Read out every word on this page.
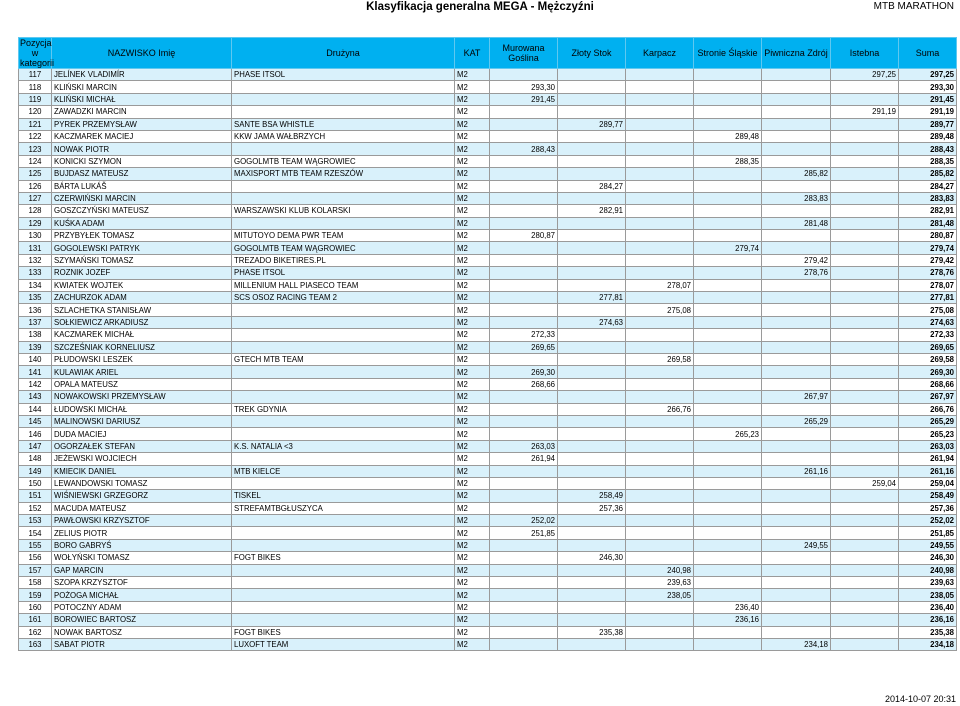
Klasyfikacja generalna MEGA - Mężczyźni	MTB MARATHON
Pozycja w kategorii	NAZWISKO Imię	Drużyna	KAT	Murowana Goślina	Złoty Stok	Karpacz	Stronie Śląskie	Piwniczna Zdrój	Istebna	Suma
117	JELÍNEK VLADIMÍR	PHASE ITSOL	M2						297,25	297,25
118	KLIŃSKI MARCIN		M2	293,30						293,30
119	KLIŃSKI MICHAŁ		M2	291,45						291,45
120	ZAWADZKI MARCIN		M2						291,19	291,19
121	PYREK PRZEMYSŁAW	SANTE BSA WHISTLE	M2		289,77					289,77
122	KACZMAREK MACIEJ	KKW JAMA WAŁBRZYCH	M2				289,48			289,48
123	NOWAK PIOTR		M2	288,43						288,43
124	KONICKI SZYMON	GOGOLMTB TEAM WĄGROWIEC	M2				288,35			288,35
125	BUJDASZ MATEUSZ	MAXISPORT MTB TEAM RZESZÓW	M2					285,82		285,82
126	BÁRTA LUKÁŠ		M2		284,27					284,27
127	CZERWIŃSKI MARCIN		M2					283,83		283,83
128	GOSZCZYŃSKI MATEUSZ	WARSZAWSKI KLUB KOLARSKI	M2		282,91					282,91
129	KUŚKA ADAM		M2					281,48		281,48
130	PRZYBYŁEK TOMASZ	MITUTOYO DEMA PWR TEAM	M2	280,87						280,87
131	GOGOLEWSKI PATRYK	GOGOLMTB TEAM WĄGROWIEC	M2				279,74			279,74
132	SZYMAŃSKI TOMASZ	TREZADO BIKETIRES.PL	M2					279,42		279,42
133	ROZNIK JOZEF	PHASE ITSOL	M2					278,76		278,76
134	KWIATEK WOJTEK	MILLENIUM HALL PIASECO TEAM	M2			278,07				278,07
135	ZACHURZOK ADAM	SCS OSOZ RACING TEAM 2	M2		277,81					277,81
136	SZLACHETKA STANISŁAW		M2			275,08				275,08
137	SOŁKIEWICZ ARKADIUSZ		M2		274,63					274,63
138	KACZMAREK MICHAŁ		M2	272,33						272,33
139	SZCZEŚNIAK KORNELIUSZ		M2	269,65						269,65
140	PŁUDOWSKI LESZEK	GTECH MTB TEAM	M2			269,58				269,58
141	KULAWIAK ARIEL		M2	269,30						269,30
142	OPALA MATEUSZ		M2	268,66						268,66
143	NOWAKOWSKI PRZEMYSŁAW		M2					267,97		267,97
144	ŁUDOWSKI MICHAŁ	TREK GDYNIA	M2			266,76				266,76
145	MALINOWSKI DARIUSZ		M2					265,29		265,29
146	DUDA MACIEJ		M2				265,23			265,23
147	OGORZAŁEK STEFAN	K.S. NATALIA <3	M2	263,03						263,03
148	JEŻEWSKI WOJCIECH		M2	261,94						261,94
149	KMIECIK DANIEL	MTB KIELCE	M2					261,16		261,16
150	LEWANDOWSKI TOMASZ		M2						259,04	259,04
151	WIŚNIEWSKI GRZEGORZ	TISKEL	M2		258,49					258,49
152	MACUDA MATEUSZ	STREFAMTBGŁUSZYCA	M2		257,36					257,36
153	PAWŁOWSKI KRZYSZTOF		M2	252,02						252,02
154	ZELIUS PIOTR		M2	251,85						251,85
155	BORO GABRYŚ		M2					249,55		249,55
156	WOŁYŃSKI TOMASZ	FOGT BIKES	M2		246,30					246,30
157	GAP MARCIN		M2			240,98				240,98
158	SZOPA KRZYSZTOF		M2			239,63				239,63
159	POŻOGA MICHAŁ		M2			238,05				238,05
160	POTOCZNY ADAM		M2				236,40			236,40
161	BOROWIEC BARTOSZ		M2				236,16			236,16
162	NOWAK BARTOSZ	FOGT BIKES	M2		235,38					235,38
163	SABAT PIOTR	LUXOFT TEAM	M2					234,18		234,18
2014-10-07 20:31
